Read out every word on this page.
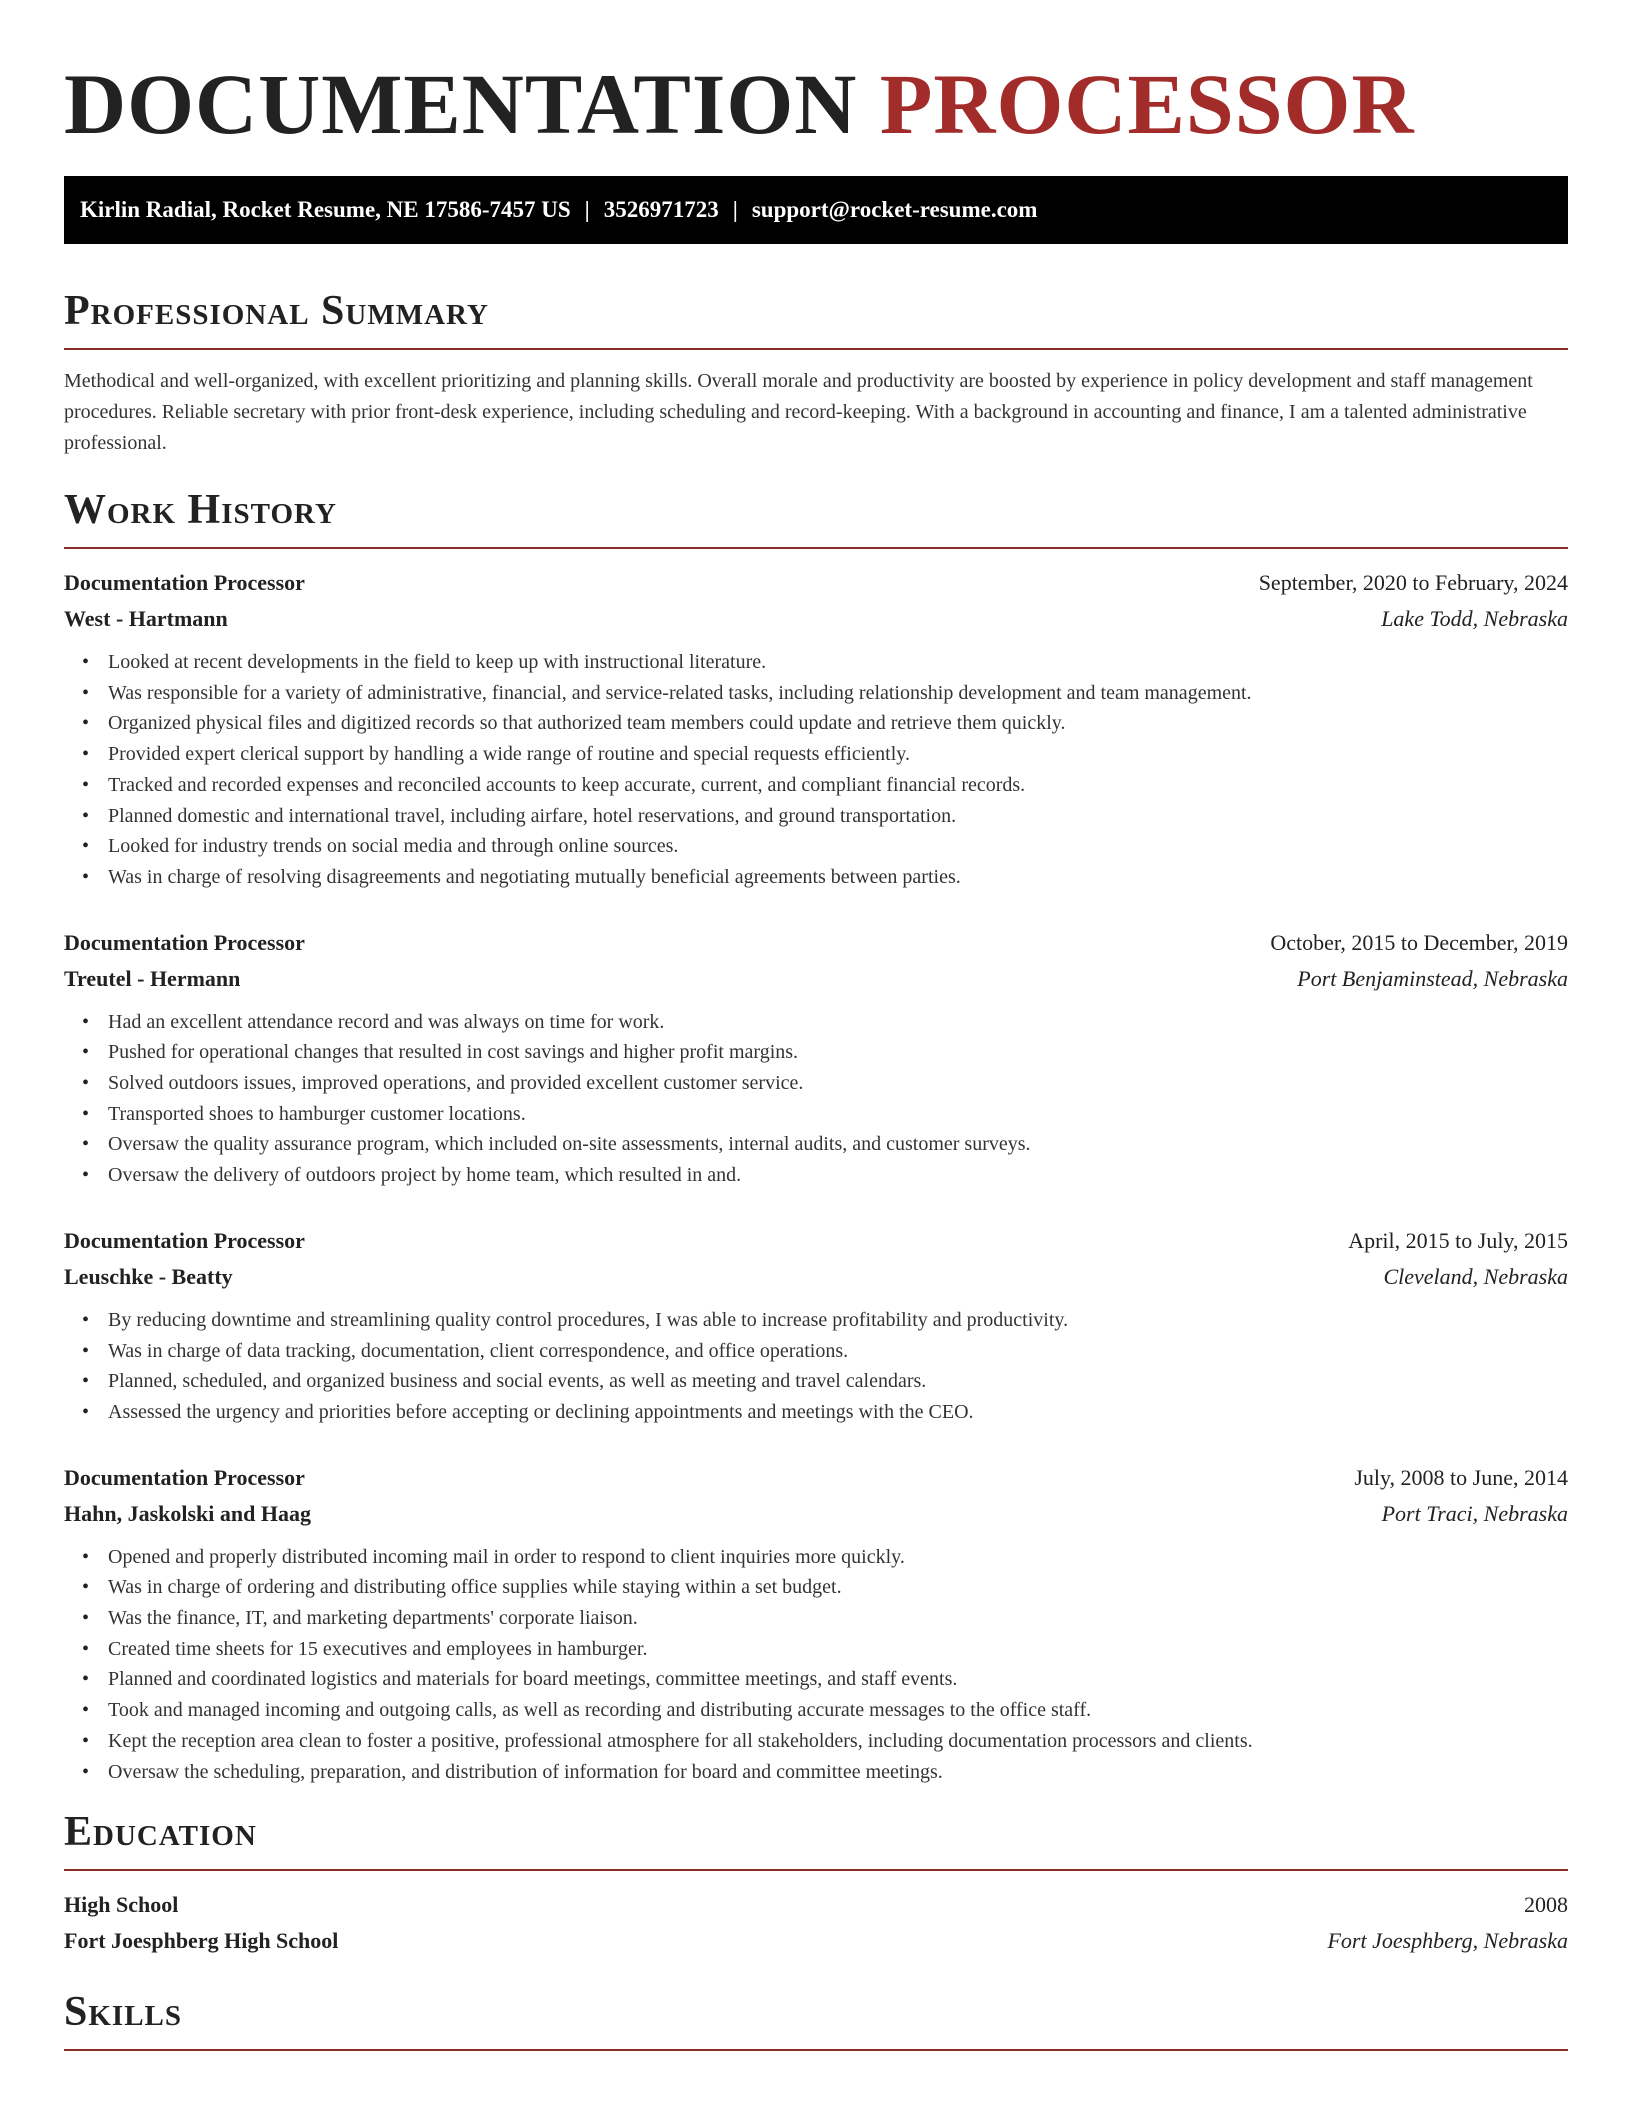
DOCUMENTATION PROCESSOR
Kirlin Radial, Rocket Resume, NE 17586-7457 US | 3526971723 | support@rocket-resume.com
Professional Summary
Methodical and well-organized, with excellent prioritizing and planning skills. Overall morale and productivity are boosted by experience in policy development and staff management procedures. Reliable secretary with prior front-desk experience, including scheduling and record-keeping. With a background in accounting and finance, I am a talented administrative professional.
Work History
Documentation Processor	September, 2020 to February, 2024
West - Hartmann	Lake Todd, Nebraska
• Looked at recent developments in the field to keep up with instructional literature.
• Was responsible for a variety of administrative, financial, and service-related tasks, including relationship development and team management.
• Organized physical files and digitized records so that authorized team members could update and retrieve them quickly.
• Provided expert clerical support by handling a wide range of routine and special requests efficiently.
• Tracked and recorded expenses and reconciled accounts to keep accurate, current, and compliant financial records.
• Planned domestic and international travel, including airfare, hotel reservations, and ground transportation.
• Looked for industry trends on social media and through online sources.
• Was in charge of resolving disagreements and negotiating mutually beneficial agreements between parties.
Documentation Processor	October, 2015 to December, 2019
Treutel - Hermann	Port Benjaminstead, Nebraska
• Had an excellent attendance record and was always on time for work.
• Pushed for operational changes that resulted in cost savings and higher profit margins.
• Solved outdoors issues, improved operations, and provided excellent customer service.
• Transported shoes to hamburger customer locations.
• Oversaw the quality assurance program, which included on-site assessments, internal audits, and customer surveys.
• Oversaw the delivery of outdoors project by home team, which resulted in and.
Documentation Processor	April, 2015 to July, 2015
Leuschke - Beatty	Cleveland, Nebraska
• By reducing downtime and streamlining quality control procedures, I was able to increase profitability and productivity.
• Was in charge of data tracking, documentation, client correspondence, and office operations.
• Planned, scheduled, and organized business and social events, as well as meeting and travel calendars.
• Assessed the urgency and priorities before accepting or declining appointments and meetings with the CEO.
Documentation Processor	July, 2008 to June, 2014
Hahn, Jaskolski and Haag	Port Traci, Nebraska
• Opened and properly distributed incoming mail in order to respond to client inquiries more quickly.
• Was in charge of ordering and distributing office supplies while staying within a set budget.
• Was the finance, IT, and marketing departments' corporate liaison.
• Created time sheets for 15 executives and employees in hamburger.
• Planned and coordinated logistics and materials for board meetings, committee meetings, and staff events.
• Took and managed incoming and outgoing calls, as well as recording and distributing accurate messages to the office staff.
• Kept the reception area clean to foster a positive, professional atmosphere for all stakeholders, including documentation processors and clients.
• Oversaw the scheduling, preparation, and distribution of information for board and committee meetings.
Education
High School	2008
Fort Joesphberg High School	Fort Joesphberg, Nebraska
Skills
